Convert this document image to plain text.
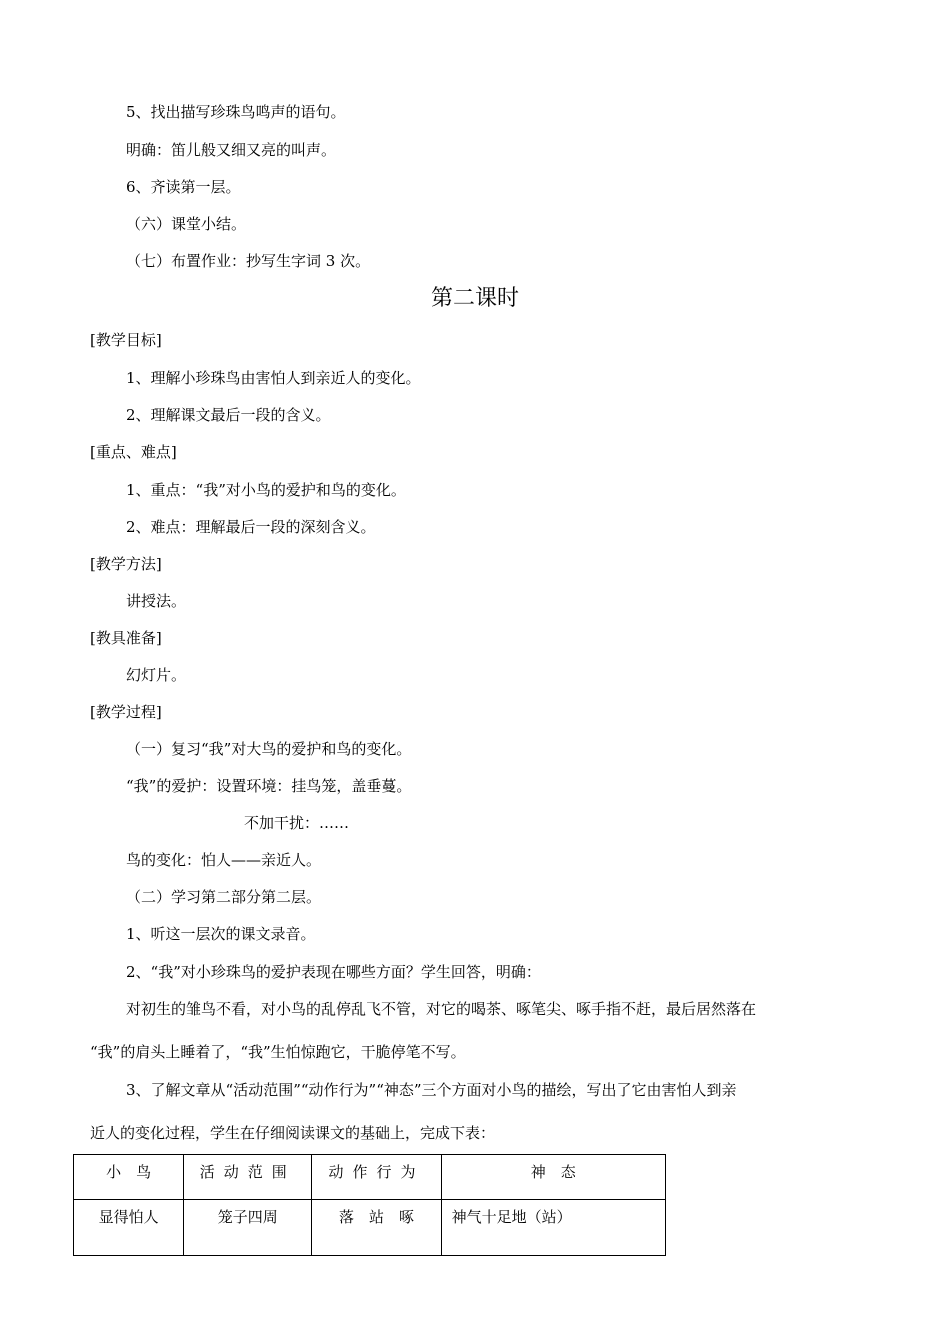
5、找出描写珍珠鸟鸣声的语句。
明确：笛儿般又细又亮的叫声。
6、齐读第一层。
（六）课堂小结。
（七）布置作业：抄写生字词 3 次。
第二课时
[教学目标]
1、理解小珍珠鸟由害怕人到亲近人的变化。
2、理解课文最后一段的含义。
[重点、难点]
1、重点：“我”对小鸟的爱护和鸟的变化。
2、难点：理解最后一段的深刻含义。
[教学方法]
讲授法。
[教具准备]
幻灯片。
[教学过程]
（一）复习“我”对大鸟的爱护和鸟的变化。
“我”的爱护：设置环境：挂鸟笼，盖垂蔓。
不加干扰：……
鸟的变化：怕人——亲近人。
（二）学习第二部分第二层。
1、听这一层次的课文录音。
2、“我”对小珍珠鸟的爱护表现在哪些方面？学生回答，明确：
对初生的雏鸟不看，对小鸟的乱停乱飞不管，对它的喝茶、啄笔尖、啄手指不赶，最后居然落在
“我”的肩头上睡着了，“我”生怕惊跑它，干脆停笔不写。
3、了解文章从“活动范围”“动作行为”“神态”三个方面对小鸟的描绘，写出了它由害怕人到亲
近人的变化过程，学生在仔细阅读课文的基础上，完成下表：
小　鸟	活动范围	动作行为	神　态
显得怕人	笼子四周	落　站　啄	神气十足地（站）
